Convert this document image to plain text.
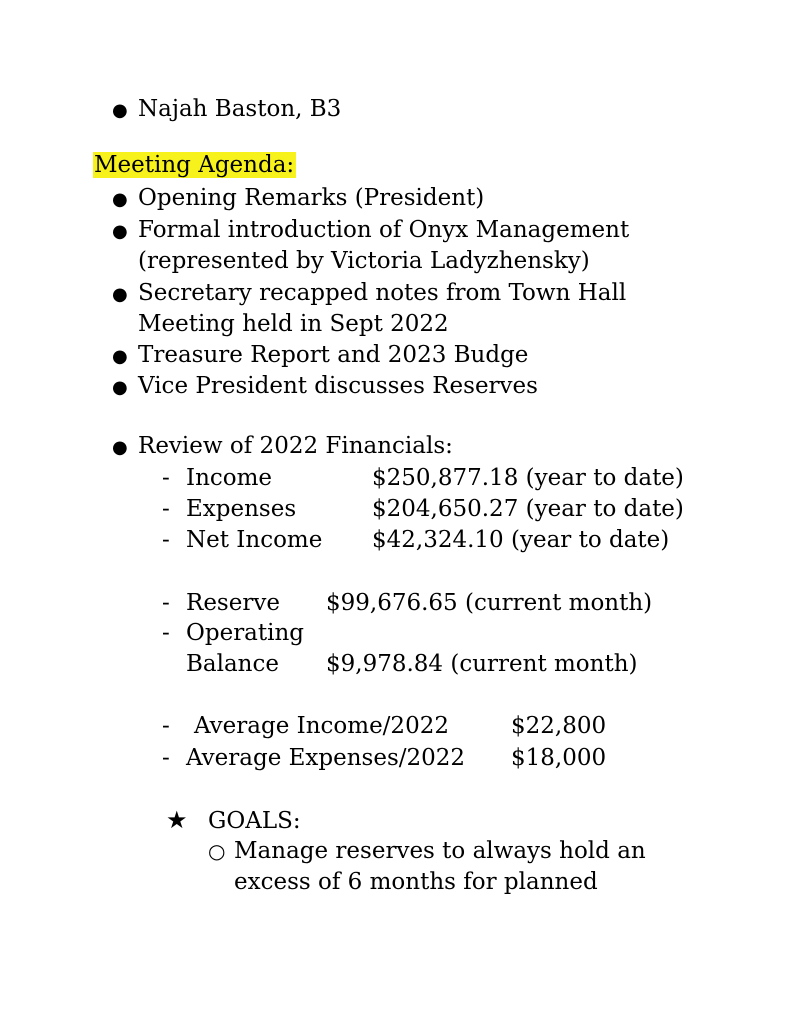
● Najah Baston, B3
Meeting Agenda:
● Opening Remarks (President)
● Formal introduction of Onyx Management
(represented by Victoria Ladyzhensky)
● Secretary recapped notes from Town Hall
Meeting held in Sept 2022
● Treasure Report and 2023 Budge
● Vice President discusses Reserves
● Review of 2022 Financials:
- Income	$250,877.18 (year to date)
- Expenses	$204,650.27 (year to date)
- Net Income $42,324.10 (year to date)
- Reserve $99,676.65 (current month)
- Operating
Balance $9,978.84 (current month)
- Average Income/2022	$22,800
- Average Expenses/2022 $18,000
★ GOALS:
○ Manage reserves to always hold an
excess of 6 months for planned
